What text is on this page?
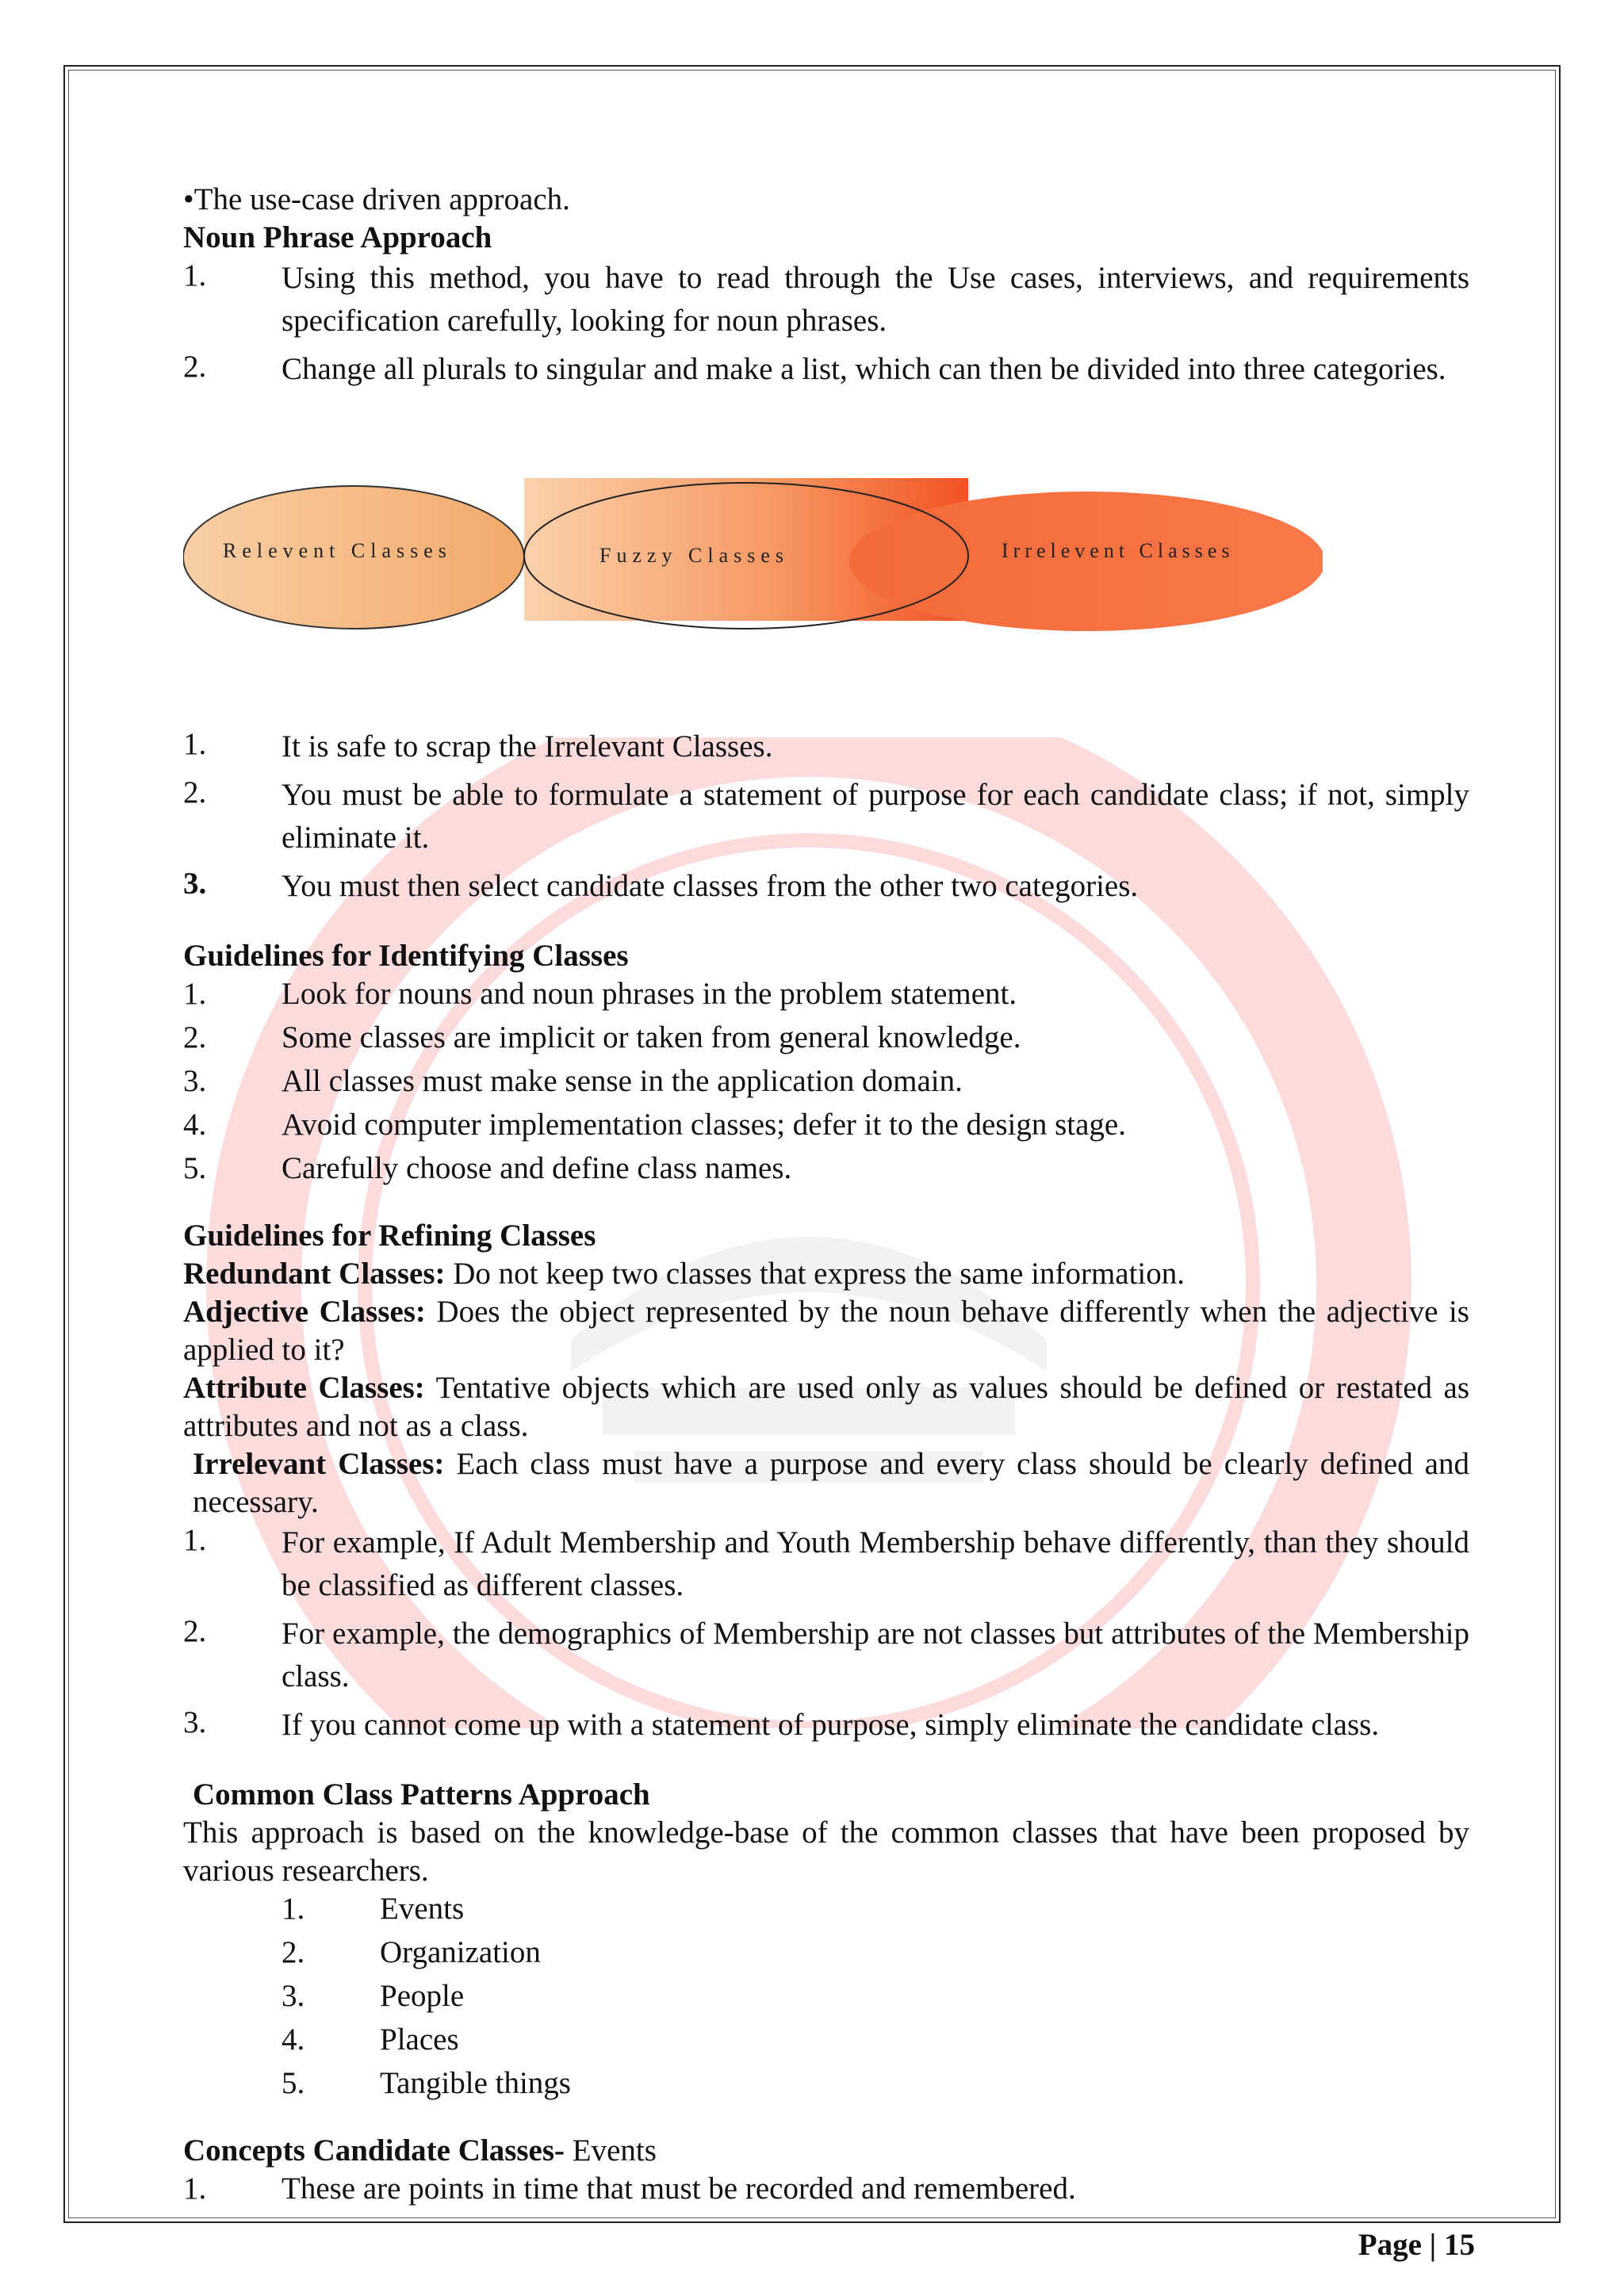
•The use-case driven approach.
Noun Phrase Approach
1.	Using this method, you have to read through the Use cases, interviews, and requirements specification carefully, looking for noun phrases.
2.	Change all plurals to singular and make a list, which can then be divided into three categories.
Relevent Classes	Fuzzy Classes	Irrelevent Classes
1.	It is safe to scrap the Irrelevant Classes.
2.	You must be able to formulate a statement of purpose for each candidate class; if not, simply eliminate it.
3.	You must then select candidate classes from the other two categories.
Guidelines for Identifying Classes
1.	Look for nouns and noun phrases in the problem statement.
2.	Some classes are implicit or taken from general knowledge.
3.	All classes must make sense in the application domain.
4.	Avoid computer implementation classes; defer it to the design stage.
5.	Carefully choose and define class names.
Guidelines for Refining Classes
Redundant Classes: Do not keep two classes that express the same information.
Adjective Classes: Does the object represented by the noun behave differently when the adjective is applied to it?
Attribute Classes: Tentative objects which are used only as values should be defined or restated as attributes and not as a class.
Irrelevant Classes: Each class must have a purpose and every class should be clearly defined and necessary.
1.	For example, If Adult Membership and Youth Membership behave differently, than they should be classified as different classes.
2.	For example, the demographics of Membership are not classes but attributes of the Membership class.
3.	If you cannot come up with a statement of purpose, simply eliminate the candidate class.
Common Class Patterns Approach
This approach is based on the knowledge-base of the common classes that have been proposed by various researchers.
1.	Events
2.	Organization
3.	People
4.	Places
5.	Tangible things
Concepts Candidate Classes- Events
1.	These are points in time that must be recorded and remembered.
Page | 15
